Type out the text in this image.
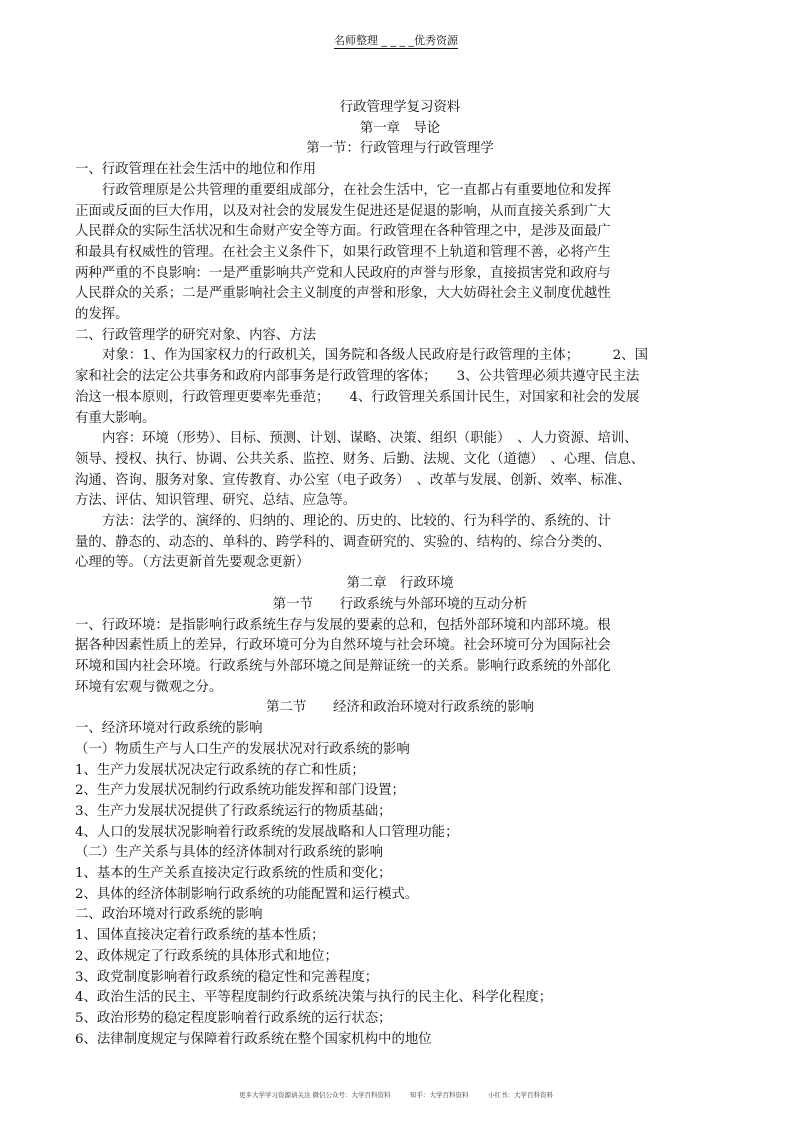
名师整理 _ _ _ _优秀资源
行政管理学复习资料
第一章　导论
第一节：行政管理与行政管理学
一、行政管理在社会生活中的地位和作用
行政管理原是公共管理的重要组成部分，在社会生活中，它一直都占有重要地位和发挥
正面或反面的巨大作用，以及对社会的发展发生促进还是促退的影响，从而直接关系到广大
人民群众的实际生活状况和生命财产安全等方面。行政管理在各种管理之中，是涉及面最广
和最具有权威性的管理。在社会主义条件下，如果行政管理不上轨道和管理不善，必将产生
两种严重的不良影响：一是严重影响共产党和人民政府的声誉与形象，直接损害党和政府与
人民群众的关系；二是严重影响社会主义制度的声誉和形象，大大妨碍社会主义制度优越性
的发挥。
二、行政管理学的研究对象、内容、方法
对象：1、作为国家权力的行政机关，国务院和各级人民政府是行政管理的主体；　　　2、国
家和社会的法定公共事务和政府内部事务是行政管理的客体；　　3、公共管理必须共遵守民主法
治这一根本原则，行政管理更要率先垂范；　　4、行政管理关系国计民生，对国家和社会的发展
有重大影响。
内容：环境（形势）、目标、预测、计划、谋略、决策、组织（职能）　、人力资源、培训、
领导、授权、执行、协调、公共关系、监控、财务、后勤、法规、文化（道德）　、心理、信息、
沟通、咨询、服务对象、宣传教育、办公室（电子政务）　、改革与发展、创新、效率、标准、
方法、评估、知识管理、研究、总结、应急等。
方法：法学的、演绎的、归纳的、理论的、历史的、比较的、行为科学的、系统的、计
量的、静态的、动态的、单科的、跨学科的、调查研究的、实验的、结构的、综合分类的、
心理的等。（方法更新首先要观念更新）
第二章　行政环境
第一节　　行政系统与外部环境的互动分析
一、行政环境：是指影响行政系统生存与发展的要素的总和，包括外部环境和内部环境。根
据各种因素性质上的差异，行政环境可分为自然环境与社会环境。社会环境可分为国际社会
环境和国内社会环境。行政系统与外部环境之间是辩证统一的关系。影响行政系统的外部化
环境有宏观与微观之分。
第二节　　经济和政治环境对行政系统的影响
一、经济环境对行政系统的影响
（一）物质生产与人口生产的发展状况对行政系统的影响
1、生产力发展状况决定行政系统的存亡和性质；
2、生产力发展状况制约行政系统功能发挥和部门设置；
3、生产力发展状况提供了行政系统运行的物质基础；
4、人口的发展状况影响着行政系统的发展战略和人口管理功能；
（二）生产关系与具体的经济体制对行政系统的影响
1、基本的生产关系直接决定行政系统的性质和变化；
2、具体的经济体制影响行政系统的功能配置和运行模式。
二、政治环境对行政系统的影响
1、国体直接决定着行政系统的基本性质；
2、政体规定了行政系统的具体形式和地位；
3、政党制度影响着行政系统的稳定性和完善程度；
4、政治生活的民主、平等程度制约行政系统决策与执行的民主化、科学化程度；
5、政治形势的稳定程度影响着行政系统的运行状态；
6、法律制度规定与保障着行政系统在整个国家机构中的地位
更多大学学习资源请关注 微信公众号：大学百科资料　　　知乎：大学百科资料　　　小红书：大学百科资料
